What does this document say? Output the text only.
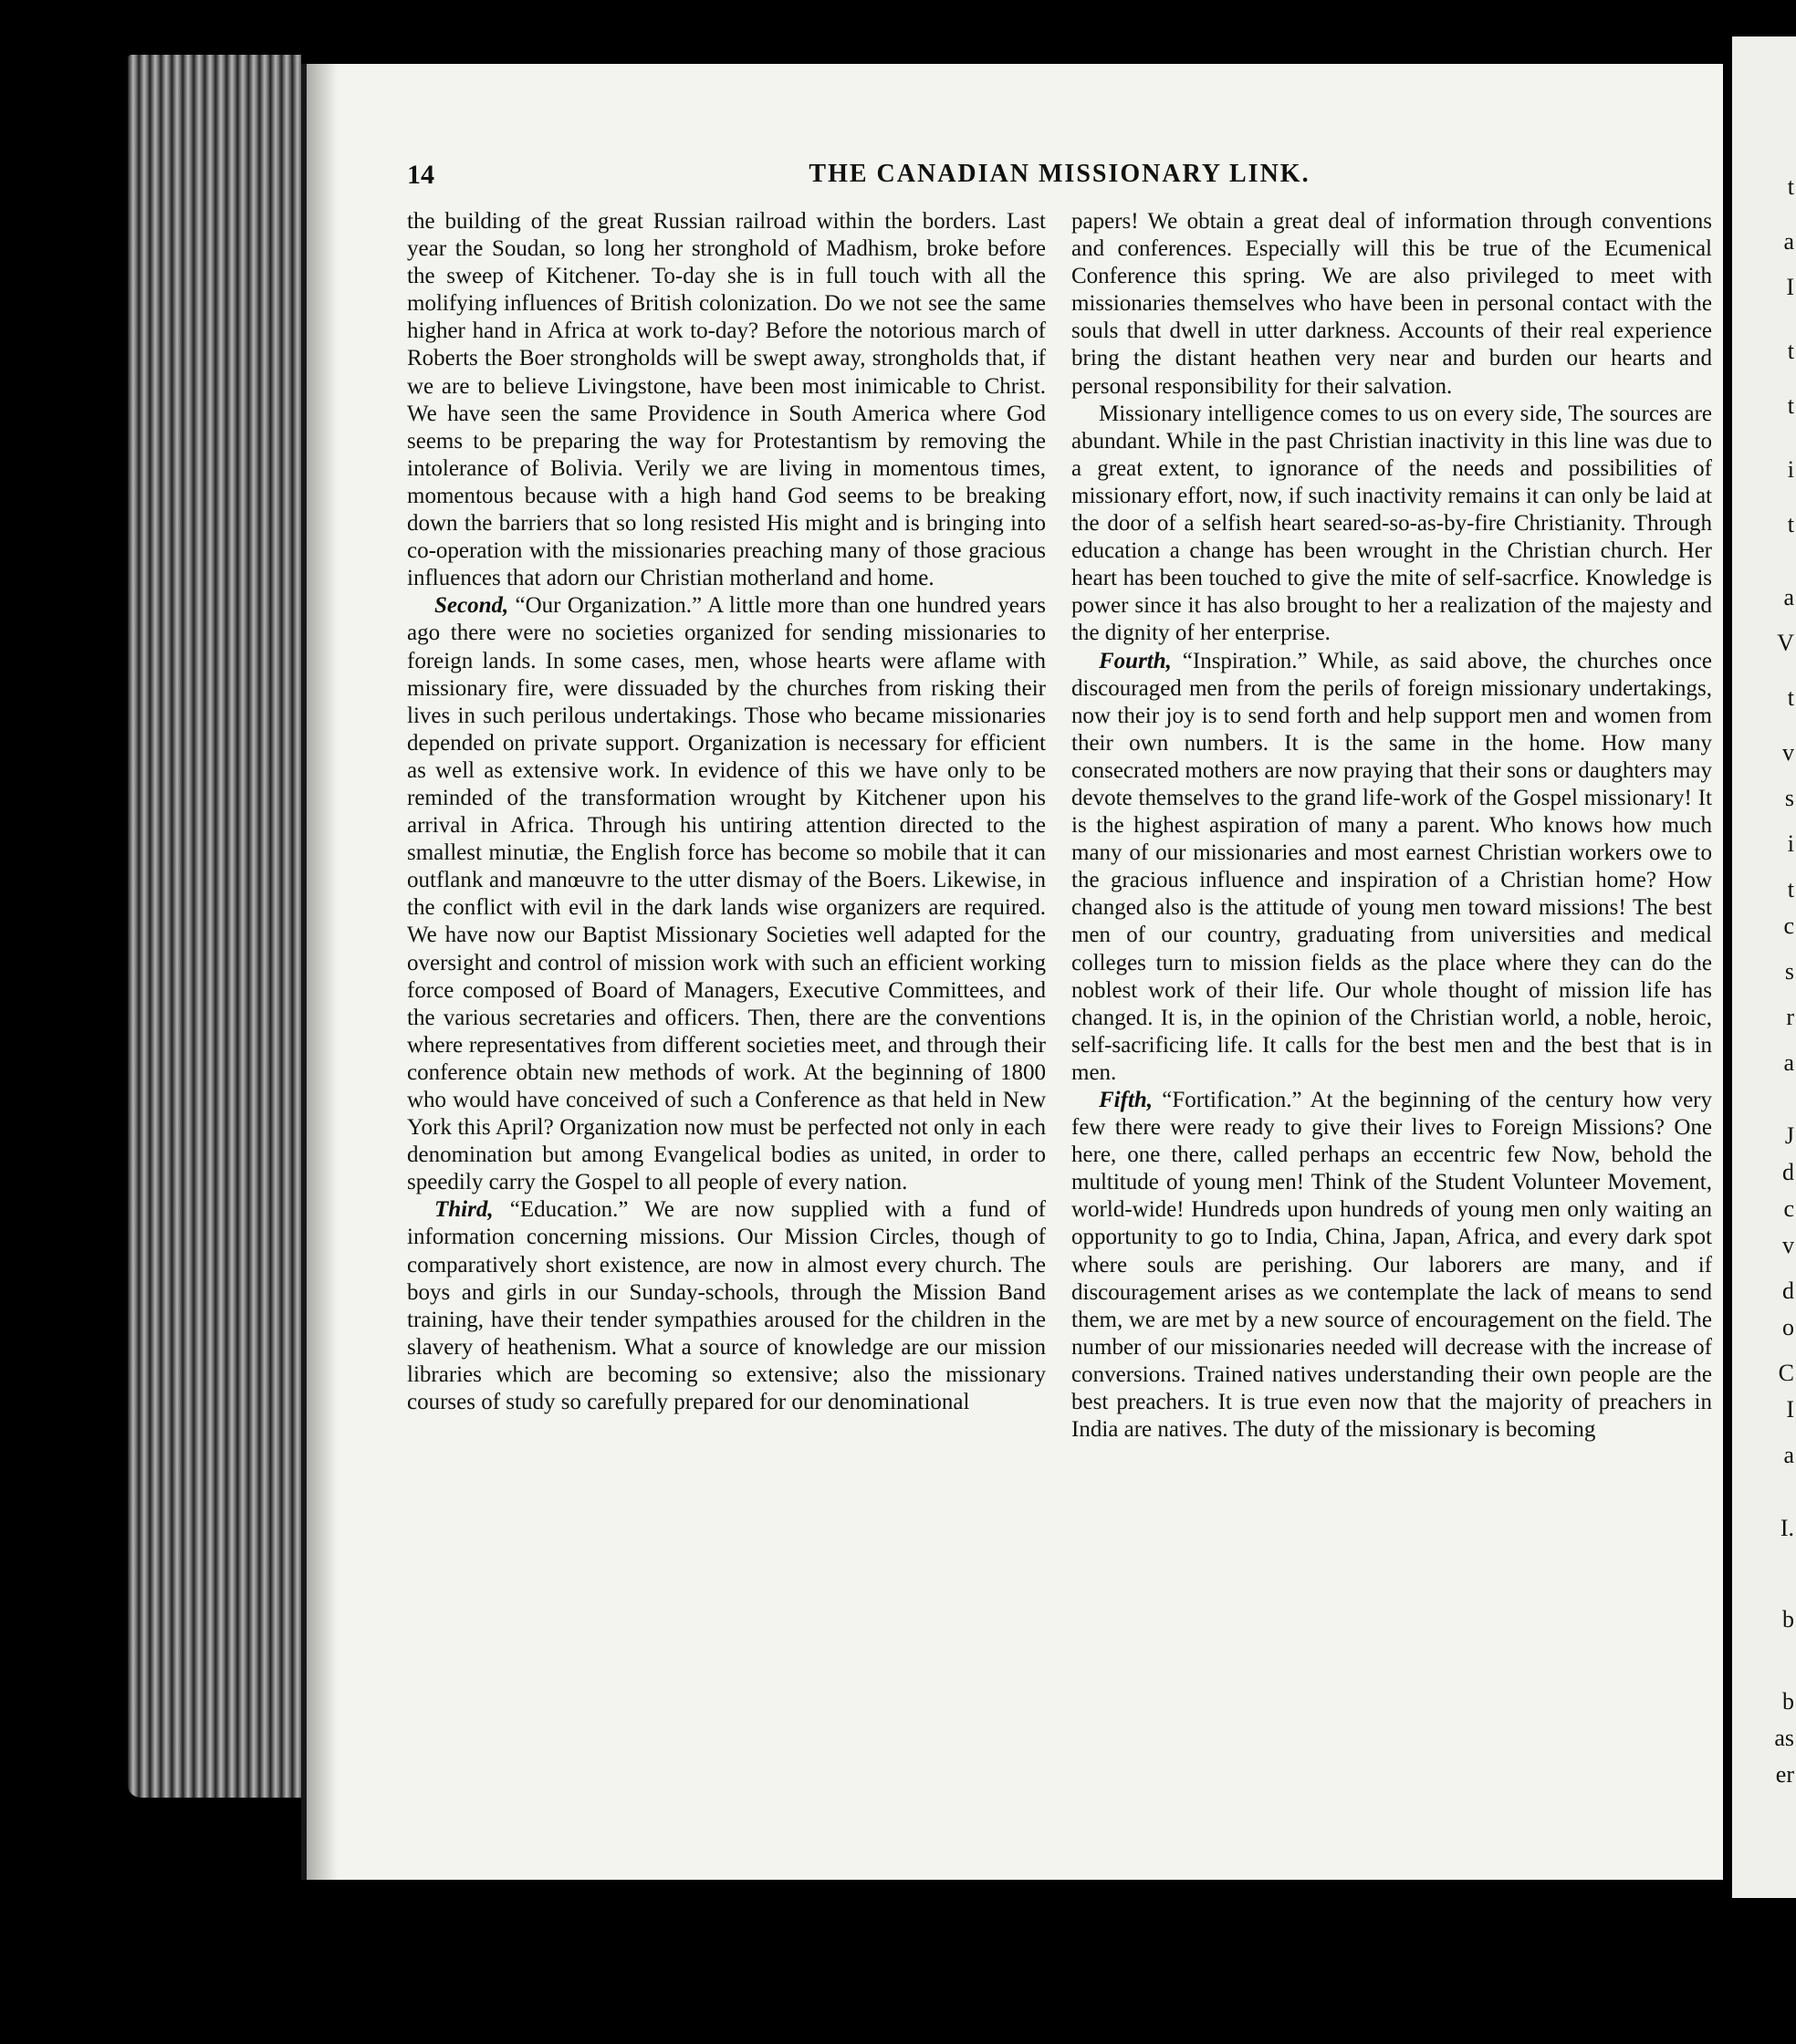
14	THE CANADIAN MISSIONARY LINK.

the building of the great Russian railroad within the borders. Last year the Soudan, so long her stronghold of Madhism, broke before the sweep of Kitchener. To-day she is in full touch with all the molifying influences of British colonization. Do we not see the same higher hand in Africa at work to-day? Before the notorious march of Roberts the Boer strongholds will be swept away, strongholds that, if we are to believe Livingstone, have been most inimicable to Christ. We have seen the same Providence in South America where God seems to be preparing the way for Protestantism by removing the intolerance of Bolivia. Verily we are living in momentous times, momentous because with a high hand God seems to be breaking down the barriers that so long resisted His might and is bringing into co-operation with the missionaries preaching many of those gracious influences that adorn our Christian motherland and home.

Second, “Our Organization.” A little more than one hundred years ago there were no societies organized for sending missionaries to foreign lands. In some cases, men, whose hearts were aflame with missionary fire, were dissuaded by the churches from risking their lives in such perilous undertakings. Those who became missionaries depended on private support. Organization is necessary for efficient as well as extensive work. In evidence of this we have only to be reminded of the transformation wrought by Kitchener upon his arrival in Africa. Through his untiring attention directed to the smallest minutiæ, the English force has become so mobile that it can outflank and manœuvre to the utter dismay of the Boers. Likewise, in the conflict with evil in the dark lands wise organizers are required. We have now our Baptist Missionary Societies well adapted for the oversight and control of mission work with such an efficient working force composed of Board of Managers, Executive Committees, and the various secretaries and officers. Then, there are the conventions where representatives from different societies meet, and through their conference obtain new methods of work. At the beginning of 1800 who would have conceived of such a Conference as that held in New York this April? Organization now must be perfected not only in each denomination but among Evangelical bodies as united, in order to speedily carry the Gospel to all people of every nation.

Third, “Education.” We are now supplied with a fund of information concerning missions. Our Mission Circles, though of comparatively short existence, are now in almost every church. The boys and girls in our Sunday-schools, through the Mission Band training, have their tender sympathies aroused for the children in the slavery of heathenism. What a source of knowledge are our mission libraries which are becoming so extensive; also the missionary courses of study so carefully prepared for our denominational

papers! We obtain a great deal of information through conventions and conferences. Especially will this be true of the Ecumenical Conference this spring. We are also privileged to meet with missionaries themselves who have been in personal contact with the souls that dwell in utter darkness. Accounts of their real experience bring the distant heathen very near and burden our hearts and personal responsibility for their salvation.

Missionary intelligence comes to us on every side, The sources are abundant. While in the past Christian inactivity in this line was due to a great extent, to ignorance of the needs and possibilities of missionary effort, now, if such inactivity remains it can only be laid at the door of a selfish heart seared-so-as-by-fire Christianity. Through education a change has been wrought in the Christian church. Her heart has been touched to give the mite of self-sacrfice. Knowledge is power since it has also brought to her a realization of the majesty and the dignity of her enterprise.

Fourth, “Inspiration.” While, as said above, the churches once discouraged men from the perils of foreign missionary undertakings, now their joy is to send forth and help support men and women from their own numbers. It is the same in the home. How many consecrated mothers are now praying that their sons or daughters may devote themselves to the grand life-work of the Gospel missionary! It is the highest aspiration of many a parent. Who knows how much many of our missionaries and most earnest Christian workers owe to the gracious influence and inspiration of a Christian home? How changed also is the attitude of young men toward missions! The best men of our country, graduating from universities and medical colleges turn to mission fields as the place where they can do the noblest work of their life. Our whole thought of mission life has changed. It is, in the opinion of the Christian world, a noble, heroic, self-sacrificing life. It calls for the best men and the best that is in men.

Fifth, “Fortification.” At the beginning of the century how very few there were ready to give their lives to Foreign Missions? One here, one there, called perhaps an eccentric few Now, behold the multitude of young men! Think of the Student Volunteer Movement, world-wide! Hundreds upon hundreds of young men only waiting an opportunity to go to India, China, Japan, Africa, and every dark spot where souls are perishing. Our laborers are many, and if discouragement arises as we contemplate the lack of means to send them, we are met by a new source of encouragement on the field. The number of our missionaries needed will decrease with the increase of conversions. Trained natives understanding their own people are the best preachers. It is true even now that the majority of preachers in India are natives. The duty of the missionary is becoming

t
a
I
t
t
i
t
a
V
t
v
s
i
t
c
s
r
a
J
d
c
v
d
o
C
I
a
I.
b
b
as
er
